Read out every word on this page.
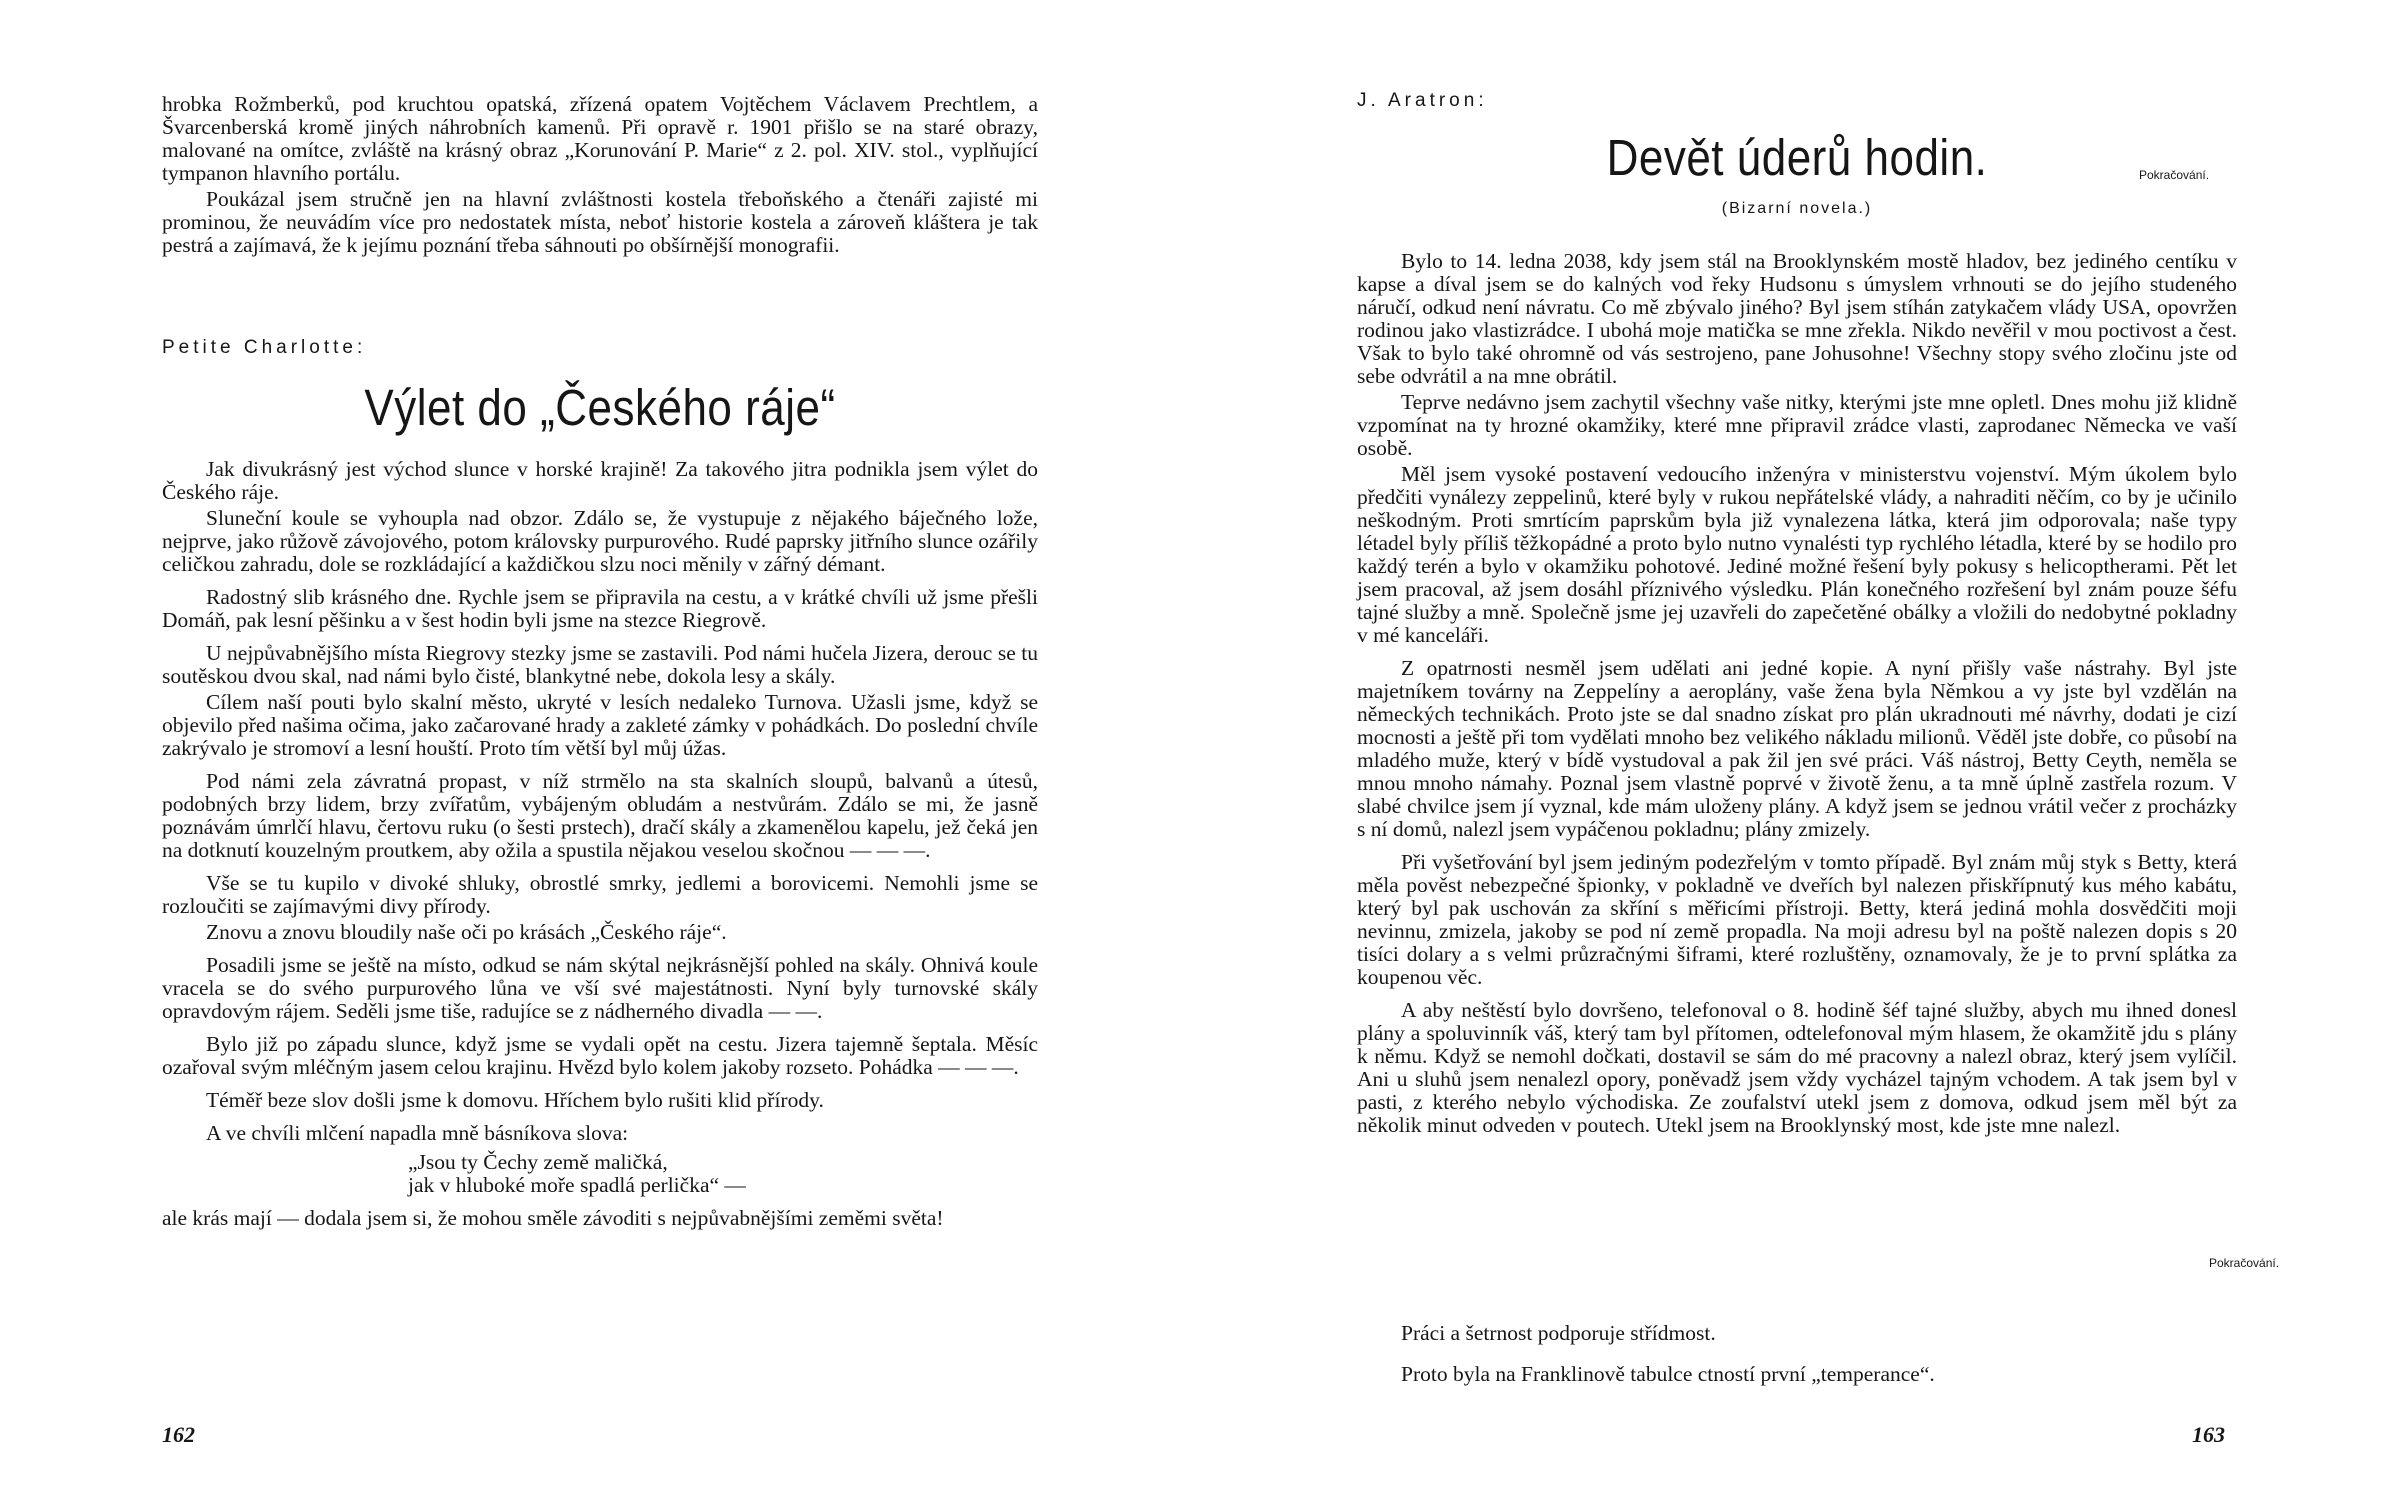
hrobka Rožmberků, pod kruchtou opatská, zřízená opatem Vojtěchem Václavem Prechtlem, a Švarcenberská kromě jiných náhrobních kamenů. Při opravě r. 1901 přišlo se na staré obrazy, malované na omítce, zvláště na krásný obraz „Korunování P. Marie“ z 2. pol. XIV. stol., vyplňující tympanon hlavního portálu.

Poukázal jsem stručně jen na hlavní zvláštnosti kostela třeboňského a čtenáři zajisté mi prominou, že neuvádím více pro nedostatek místa, neboť historie kostela a zároveň kláštera je tak pestrá a zajímavá, že k jejímu poznání třeba sáhnouti po obšírnější monografii.

Petite Charlotte:

Výlet do „Českého ráje“

Jak divukrásný jest východ slunce v horské krajině! Za takového jitra podnikla jsem výlet do Českého ráje.

Sluneční koule se vyhoupla nad obzor. Zdálo se, že vystupuje z nějakého báječného lože, nejprve, jako růžově závojového, potom královsky purpurového. Rudé paprsky jitřního slunce ozářily celičkou zahradu, dole se rozkládající a každičkou slzu noci měnily v zářný démant.

Radostný slib krásného dne. Rychle jsem se připravila na cestu, a v krátké chvíli už jsme přešli Domáň, pak lesní pěšinku a v šest hodin byli jsme na stezce Riegrově.

U nejpůvabnějšího místa Riegrovy stezky jsme se zastavili. Pod námi hučela Jizera, derouc se tu soutěskou dvou skal, nad námi bylo čisté, blankytné nebe, dokola lesy a skály.

Cílem naší pouti bylo skalní město, ukryté v lesích nedaleko Turnova. Užasli jsme, když se objevilo před našima očima, jako začarované hrady a zakleté zámky v pohádkách. Do poslední chvíle zakrývalo je stromoví a lesní houští. Proto tím větší byl můj úžas.

Pod námi zela závratná propast, v níž strmělo na sta skalních sloupů, balvanů a útesů, podobných brzy lidem, brzy zvířatům, vybájeným obludám a nestvůrám. Zdálo se mi, že jasně poznávám úmrlčí hlavu, čertovu ruku (o šesti prstech), dračí skály a zkamenělou kapelu, jež čeká jen na dotknutí kouzelným proutkem, aby ožila a spustila nějakou veselou skočnou — — —.

Vše se tu kupilo v divoké shluky, obrostlé smrky, jedlemi a borovicemi. Nemohli jsme se rozloučiti se zajímavými divy přírody.

Znovu a znovu bloudily naše oči po krásách „Českého ráje“.

Posadili jsme se ještě na místo, odkud se nám skýtal nejkrásnější pohled na skály. Ohnivá koule vracela se do svého purpurového lůna ve vší své majestátnosti. Nyní byly turnovské skály opravdovým rájem. Seděli jsme tiše, radujíce se z nádherného divadla — —.

Bylo již po západu slunce, když jsme se vydali opět na cestu. Jizera tajemně šeptala. Měsíc ozařoval svým mléčným jasem celou krajinu. Hvězd bylo kolem jakoby rozseto. Pohádka — — —.

Téměř beze slov došli jsme k domovu. Hříchem bylo rušiti klid přírody.

A ve chvíli mlčení napadla mně básníkova slova:

„Jsou ty Čechy země maličká,
jak v hluboké moře spadlá perlička“ —

ale krás mají — dodala jsem si, že mohou směle závoditi s nejpůvabnějšími zeměmi světa!

162

J. Aratron:

Devět úderů hodin.	Pokračování.

(Bizarní novela.)

Bylo to 14. ledna 2038, kdy jsem stál na Brooklynském mostě hladov, bez jediného centíku v kapse a díval jsem se do kalných vod řeky Hudsonu s úmyslem vrhnouti se do jejího studeného náručí, odkud není návratu. Co mě zbývalo jiného? Byl jsem stíhán zatykačem vlády USA, opovržen rodinou jako vlastizrádce. I ubohá moje matička se mne zřekla. Nikdo nevěřil v mou poctivost a čest. Však to bylo také ohromně od vás sestrojeno, pane Johusohne! Všechny stopy svého zločinu jste od sebe odvrátil a na mne obrátil.

Teprve nedávno jsem zachytil všechny vaše nitky, kterými jste mne opletl. Dnes mohu již klidně vzpomínat na ty hrozné okamžiky, které mne připravil zrádce vlasti, zaprodanec Německa ve vaší osobě.

Měl jsem vysoké postavení vedoucího inženýra v ministerstvu vojenství. Mým úkolem bylo předčiti vynálezy zeppelinů, které byly v rukou nepřátelské vlády, a nahraditi něčím, co by je učinilo neškodným. Proti smrtícím paprskům byla již vynalezena látka, která jim odporovala; naše typy létadel byly příliš těžkopádné a proto bylo nutno vynalésti typ rychlého létadla, které by se hodilo pro každý terén a bylo v okamžiku pohotové. Jediné možné řešení byly pokusy s helicoptherami. Pět let jsem pracoval, až jsem dosáhl příznivého výsledku. Plán konečného rozřešení byl znám pouze šéfu tajné služby a mně. Společně jsme jej uzavřeli do zapečetěné obálky a vložili do nedobytné pokladny v mé kanceláři.

Z opatrnosti nesměl jsem udělati ani jedné kopie. A nyní přišly vaše nástrahy. Byl jste majetníkem továrny na Zeppelíny a aeroplány, vaše žena byla Němkou a vy jste byl vzdělán na německých technikách. Proto jste se dal snadno získat pro plán ukradnouti mé návrhy, dodati je cizí mocnosti a ještě při tom vydělati mnoho bez velikého nákladu milionů. Věděl jste dobře, co působí na mladého muže, který v bídě vystudoval a pak žil jen své práci. Váš nástroj, Betty Ceyth, neměla se mnou mnoho námahy. Poznal jsem vlastně poprvé v životě ženu, a ta mně úplně zastřela rozum. V slabé chvilce jsem jí vyznal, kde mám uloženy plány. A když jsem se jednou vrátil večer z procházky s ní domů, nalezl jsem vypáčenou pokladnu; plány zmizely.

Při vyšetřování byl jsem jediným podezřelým v tomto případě. Byl znám můj styk s Betty, která měla pověst nebezpečné špionky, v pokladně ve dveřích byl nalezen přiskřípnutý kus mého kabátu, který byl pak uschován za skříní s měřicími přístroji. Betty, která jediná mohla dosvědčiti moji nevinnu, zmizela, jakoby se pod ní země propadla. Na moji adresu byl na poště nalezen dopis s 20 tisíci dolary a s velmi průzračnými šiframi, které rozluštěny, oznamovaly, že je to první splátka za koupenou věc.

A aby neštěstí bylo dovršeno, telefonoval o 8. hodině šéf tajné služby, abych mu ihned donesl plány a spoluvinník váš, který tam byl přítomen, odtelefonoval mým hlasem, že okamžitě jdu s plány k němu. Když se nemohl dočkati, dostavil se sám do mé pracovny a nalezl obraz, který jsem vylíčil. Ani u sluhů jsem nenalezl opory, poněvadž jsem vždy vycházel tajným vchodem. A tak jsem byl v pasti, z kterého nebylo východiska. Ze zoufalství utekl jsem z domova, odkud jsem měl být za několik minut odveden v poutech. Utekl jsem na Brooklynský most, kde jste mne nalezl.

Pokračování.

Práci a šetrnost podporuje střídmost.

Proto byla na Franklinově tabulce ctností první „temperance“.

163
